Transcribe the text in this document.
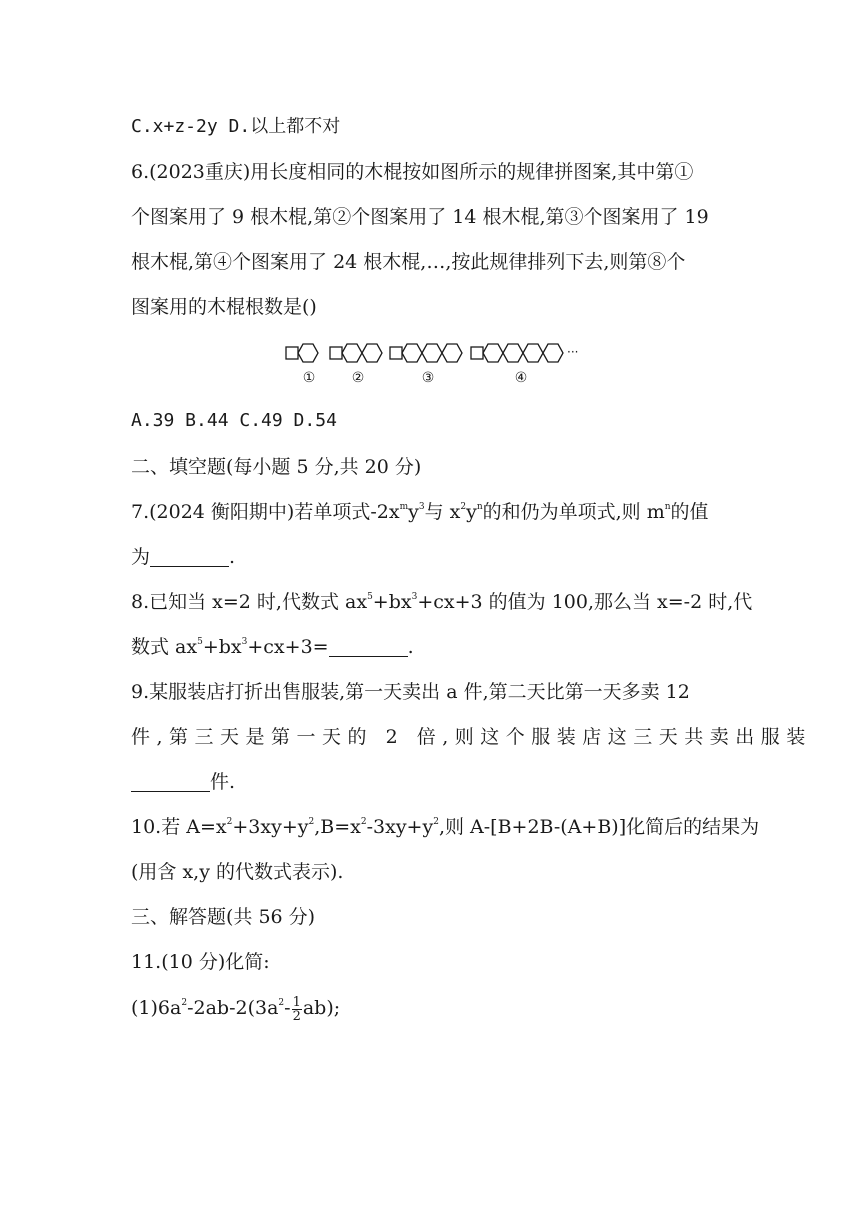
C.x+z-2y D.以上都不对
6.(2023重庆)用长度相同的木棍按如图所示的规律拼图案,其中第①
个图案用了 9 根木棍,第②个图案用了 14 根木棍,第③个图案用了 19
根木棍,第④个图案用了 24 根木棍,…,按此规律排列下去,则第⑧个
图案用的木棍根数是()
①	②	③	④
···
A.39 B.44 C.49 D.54
二、填空题(每小题 5 分,共 20 分)
7.(2024 衡阳期中)若单项式$-2x^my^3$与 $x^2y^n$的和仍为单项式,则 $m^n$的值
为	.
8.已知当 x=2 时,代数式 $ax^5+bx^3+cx+3$ 的值为 100,那么当 x=-2 时,代
数式 $ax^5+bx^3+cx+3=$	.
9.某服装店打折出售服装,第一天卖出 a 件,第二天比第一天多卖 12
件,第三天是第一天的 2 倍,则这个服装店这三天共卖出服装
件.
10.若 $A=x^2+3xy+y^2,B=x^2-3xy+y^2$,则 A-[B+2B-(A+B)]化简后的结果为
(用含 x,y 的代数式表示).
三、解答题(共 56 分)
11.(10 分)化简:
$(1)6a^2-2ab-2(3a^2- \frac{1}{2} ab)$;
